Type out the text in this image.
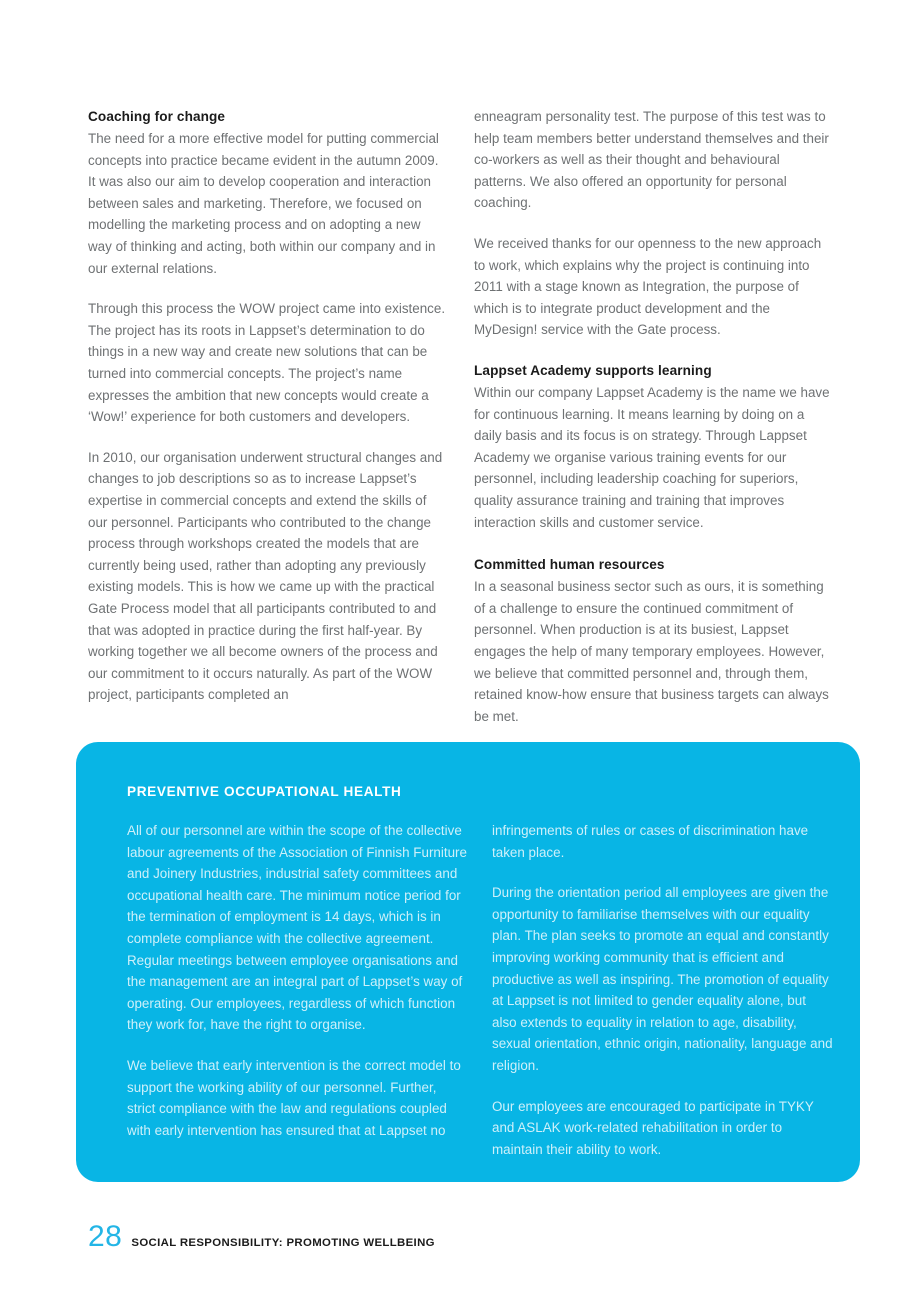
Coaching for change

The need for a more effective model for putting commercial concepts into practice became evident in the autumn 2009. It was also our aim to develop cooperation and interaction between sales and marketing. Therefore, we focused on modelling the marketing process and on adopting a new way of thinking and acting, both within our company and in our external relations.

Through this process the WOW project came into existence. The project has its roots in Lappset’s determination to do things in a new way and create new solutions that can be turned into commercial concepts. The project’s name expresses the ambition that new concepts would create a ‘Wow!’ experience for both customers and developers.

In 2010, our organisation underwent structural changes and changes to job descriptions so as to increase Lappset’s expertise in commercial concepts and extend the skills of our personnel. Participants who contributed to the change process through workshops created the models that are currently being used, rather than adopting any previously existing models. This is how we came up with the practical Gate Process model that all participants contributed to and that was adopted in practice during the first half-year. By working together we all become owners of the process and our commitment to it occurs naturally. As part of the WOW project, participants completed an

enneagram personality test. The purpose of this test was to help team members better understand themselves and their co-workers as well as their thought and behavioural patterns. We also offered an opportunity for personal coaching.

We received thanks for our openness to the new approach to work, which explains why the project is continuing into 2011 with a stage known as Integration, the purpose of which is to integrate product development and the MyDesign! service with the Gate process.

Lappset Academy supports learning

Within our company Lappset Academy is the name we have for continuous learning. It means learning by doing on a daily basis and its focus is on strategy. Through Lappset Academy we organise various training events for our personnel, including leadership coaching for superiors, quality assurance training and training that improves interaction skills and customer service.

Committed human resources

In a seasonal business sector such as ours, it is something of a challenge to ensure the continued commitment of personnel. When production is at its busiest, Lappset engages the help of many temporary employees. However, we believe that committed personnel and, through them, retained know-how ensure that business targets can always be met.

PREVENTIVE OCCUPATIONAL HEALTH

All of our personnel are within the scope of the collective labour agreements of the Association of Finnish Furniture and Joinery Industries, industrial safety committees and occupational health care. The minimum notice period for the termination of employment is 14 days, which is in complete compliance with the collective agreement. Regular meetings between employee organisations and the management are an integral part of Lappset’s way of operating. Our employees, regardless of which function they work for, have the right to organise.

We believe that early intervention is the correct model to support the working ability of our personnel. Further, strict compliance with the law and regulations coupled with early intervention has ensured that at Lappset no

infringements of rules or cases of discrimination have taken place.

During the orientation period all employees are given the opportunity to familiarise themselves with our equality plan. The plan seeks to promote an equal and constantly improving working community that is efficient and productive as well as inspiring. The promotion of equality at Lappset is not limited to gender equality alone, but also extends to equality in relation to age, disability, sexual orientation, ethnic origin, nationality, language and religion.

Our employees are encouraged to participate in TYKY and ASLAK work-related rehabilitation in order to maintain their ability to work.

28 SOCIAL RESPONSIBILITY: PROMOTING WELLBEING
